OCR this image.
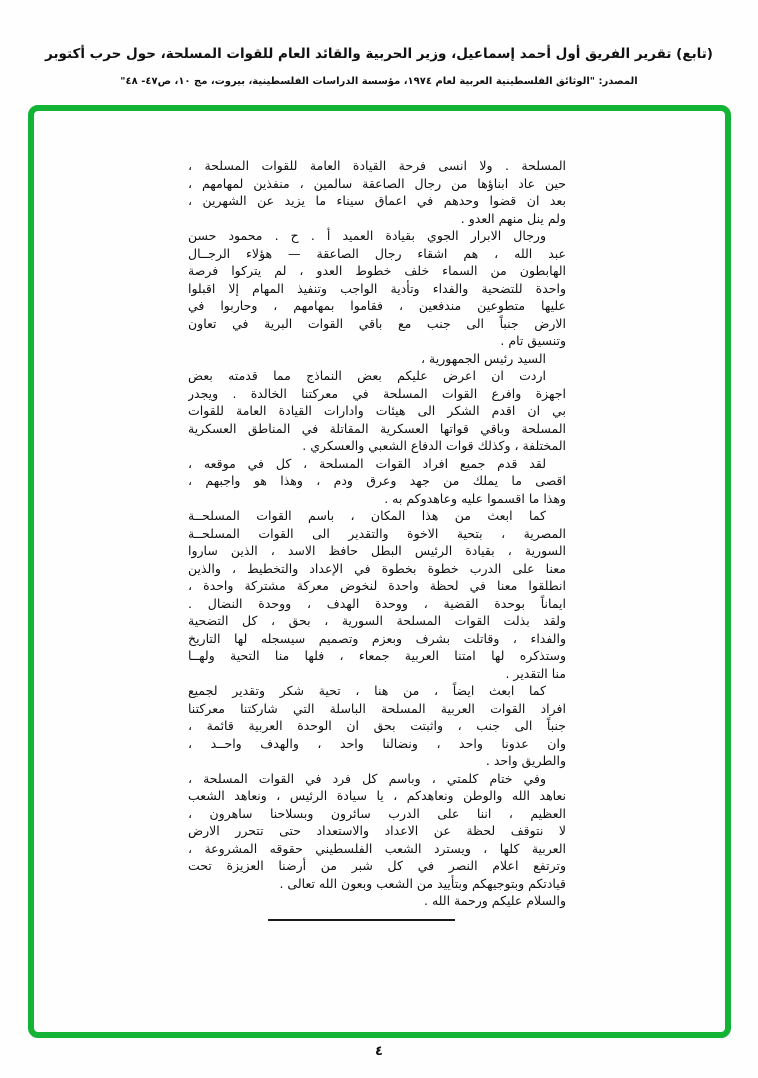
(تابع) تقرير الفريق أول أحمد إسماعيل، وزير الحربية والقائد العام للقوات المسلحة، حول حرب أكتوبر
المصدر: "الوثائق الفلسطينية العربية لعام ١٩٧٤، مؤسسة الدراسات الفلسطينية، بيروت، مج ١٠، ص٤٧- ٤٨"
المسلحة . ولا انسى فرحة القيادة العامة للقوات المسلحة ،
حين عاد ابناؤها من رجال الصاعقة سالمين ، منفذين لمهامهم ،
بعد ان قضوا وحدهم في اعماق سيناء ما يزيد عن الشهرين ،
ولم ينل منهم العدو .
ورجال الابرار الجوي بقيادة العميد أ . ح . محمود حسن
عبد الله ، هم اشقاء رجال الصاعقة — هؤلاء الرجــال
الهابطون من السماء خلف خطوط العدو ، لم يتركوا فرصة
واحدة للتضحية والفداء وتأدية الواجب وتنفيذ المهام إلا اقبلوا
عليها متطوعين مندفعين ، فقاموا بمهامهم ، وحاربوا في
الارض جنباً الى جنب مع باقي القوات البرية في تعاون
وتنسيق تام .
السيد رئيس الجمهورية ،
اردت ان اعرض عليكم بعض النماذج مما قدمته بعض
اجهزة وافرع القوات المسلحة في معركتنا الخالدة . ويجدر
بي ان اقدم الشكر الى هيئات وادارات القيادة العامة للقوات
المسلحة وباقي قواتها العسكرية المقاتلة في المناطق العسكرية
المختلفة ، وكذلك قوات الدفاع الشعبي والعسكري .
لقد قدم جميع افراد القوات المسلحة ، كل في موقعه ،
اقصى ما يملك من جهد وعرق ودم ، وهذا هو واجبهم ،
وهذا ما اقسموا عليه وعاهدوكم به .
كما ابعث من هذا المكان ، باسم القوات المسلحــة
المصرية ، بتحية الاخوة والتقدير الى القوات المسلحــة
السورية ، بقيادة الرئيس البطل حافظ الاسد ، الذين ساروا
معنا على الدرب خطوة بخطوة في الإعداد والتخطيط ، والذين
انطلقوا معنا في لحظة واحدة لنخوض معركة مشتركة واحدة ،
ايماناً بوحدة القضية ، ووحدة الهدف ، ووحدة النضال .
ولقد بذلت القوات المسلحة السورية ، بحق ، كل التضحية
والفداء ، وقاتلت بشرف وبعزم وتصميم سيسجله لها التاريخ
وستذكره لها امتنا العربية جمعاء ، فلها منا التحية ولهــا
منا التقدير .
كما ابعث ايضاً ، من هنا ، تحية شكر وتقدير لجميع
افراد القوات العربية المسلحة الباسلة التي شاركتنا معركتنا
جنباً الى جنب ، واثبتت بحق ان الوحدة العربية قائمة ،
وان عدونا واحد ، ونضالنا واحد ، والهدف واحــد ،
والطريق واحد .
وفي ختام كلمتي ، وباسم كل فرد في القوات المسلحة ،
نعاهد الله والوطن ونعاهدكم ، يا سيادة الرئيس ، ونعاهد الشعب
العظيم ، اننا على الدرب سائرون وبسلاحنا ساهرون ،
لا نتوقف لحظة عن الاعداد والاستعداد حتى تتحرر الارض
العربية كلها ، ويسترد الشعب الفلسطيني حقوقه المشروعة ،
وترتفع اعلام النصر في كل شبر من أرضنا العزيزة تحت
قيادتكم وبتوجيهكم وبتأييد من الشعب وبعون الله تعالى .
والسلام عليكم ورحمة الله .
٤
